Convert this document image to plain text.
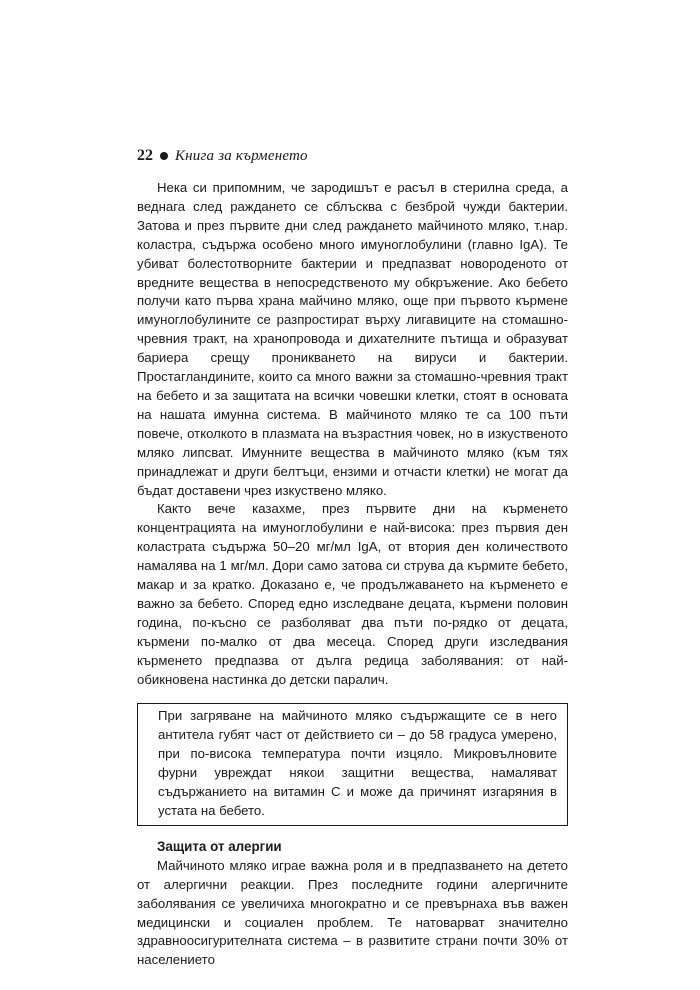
22 Книга за кърменето

Нека си припомним, че зародишът е расъл в стерилна среда, а веднага след раждането се сблъсква с безброй чужди бактерии. Затова и през първите дни след раждането майчиното мляко, т.нар. коластра, съдържа особено много имуноглобулини (главно IgA). Те убиват болестотворните бактерии и предпазват новороденото от вредните вещества в непосредственото му обкръжение. Ако бебето получи като първа храна майчино мляко, още при първото кърмене имуноглобулините се разпростират върху лигавиците на стомашно-чревния тракт, на хранопровода и дихателните пътища и образуват бариера срещу проникването на вируси и бактерии. Простагландините, които са много важни за стомашно-чревния тракт на бебето и за защитата на всички човешки клетки, стоят в основата на нашата имунна система. В майчиното мляко те са 100 пъти повече, отколкото в плазмата на възрастния човек, но в изкуственото мляко липсват. Имунните вещества в майчиното мляко (към тях принадлежат и други белтъци, ензими и отчасти клетки) не могат да бъдат доставени чрез изкуствено мляко.

Както вече казахме, през първите дни на кърменето концентрацията на имуноглобулини е най-висока: през първия ден коластрата съдържа 50–20 мг/мл IgA, от втория ден количеството намалява на 1 мг/мл. Дори само затова си струва да кърмите бебето, макар и за кратко. Доказано е, че продължаването на кърменето е важно за бебето. Според едно изследване децата, кърмени половин година, по-късно се разболяват два пъти по-рядко от децата, кърмени по-малко от два месеца. Според други изследвания кърменето предпазва от дълга редица заболявания: от най-обикновена настинка до детски паралич.

При загряване на майчиното мляко съдържащите се в него антитела губят част от действието си – до 58 градуса умерено, при по-висока температура почти изцяло. Микровълновите фурни увреждат някои защитни вещества, намаляват съдържанието на витамин С и може да причинят изгаряния в устата на бебето.

Защита от алергии

Майчиното мляко играе важна роля и в предпазването на детето от алергични реакции. През последните години алергичните заболявания се увеличиха многократно и се превърнаха във важен медицински и социален проблем. Те натоварват значително здравноосигурителната система – в развитите страни почти 30% от населението
